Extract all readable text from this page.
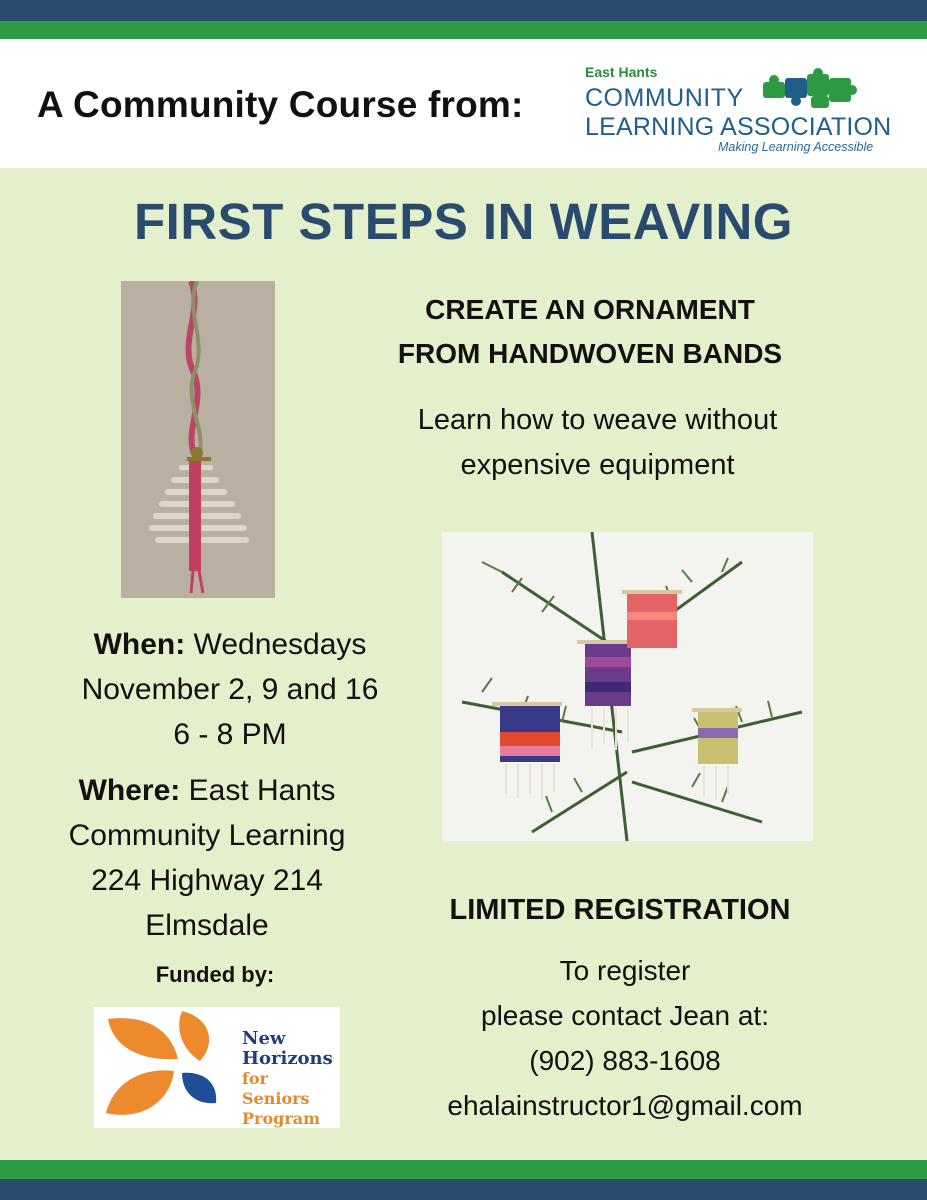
A Community Course from:
East Hants
COMMUNITY
LEARNING ASSOCIATION
Making Learning Accessible
FIRST STEPS IN WEAVING
CREATE AN ORNAMENT
FROM HANDWOVEN BANDS
Learn how to weave without
expensive equipment
When: Wednesdays
November 2, 9 and 16
6 - 8 PM
Where: East Hants
Community Learning
224 Highway 214
Elmsdale
Funded by:
New
Horizons
for Seniors
Program
LIMITED REGISTRATION
To register
please contact Jean at:
(902) 883-1608
ehalainstructor1@gmail.com
